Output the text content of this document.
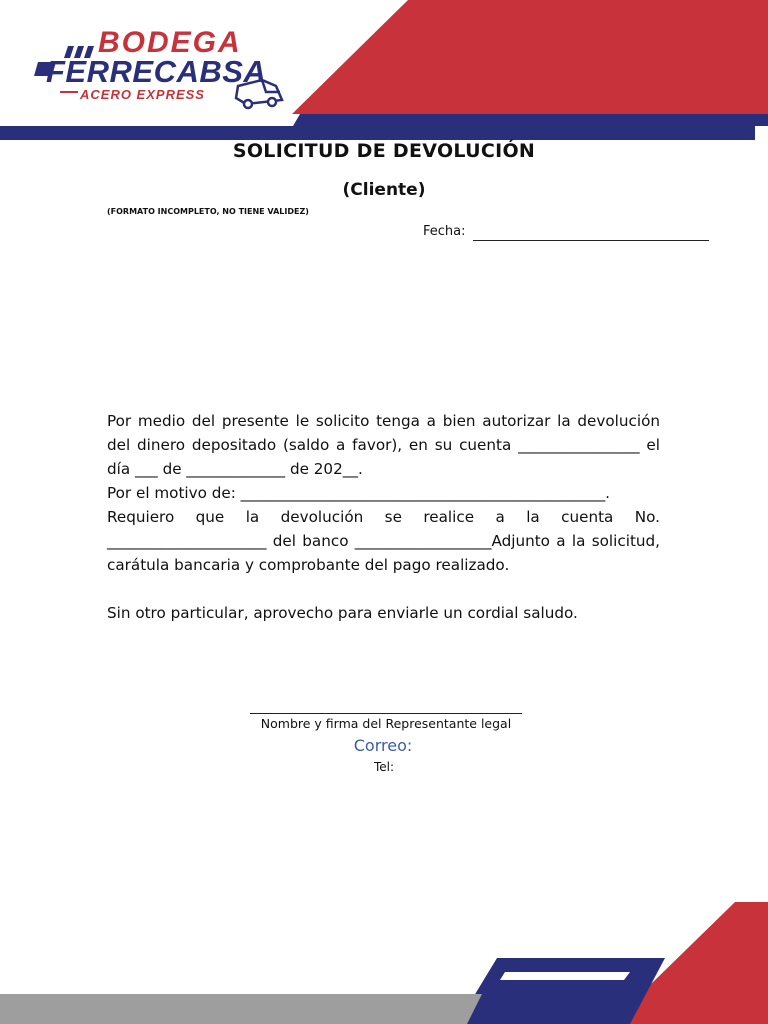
BODEGA
FERRECABSA
ACERO EXPRESS
SOLICITUD DE DEVOLUCIÓN
(Cliente)
(FORMATO INCOMPLETO, NO TIENE VALIDEZ)
Fecha:

Por medio del presente le solicito tenga a bien autorizar la devolución del dinero depositado (saldo a favor), en su cuenta ________________ el día ___ de _____________ de 202__.

Por el motivo de: ________________________________________________.

Requiero que la devolución se realice a la cuenta No. _____________________ del banco __________________Adjunto a la solicitud, carátula bancaria y comprobante del pago realizado.

Sin otro particular, aprovecho para enviarle un cordial saludo.

Nombre y firma del Representante legal
Correo:
Tel:
